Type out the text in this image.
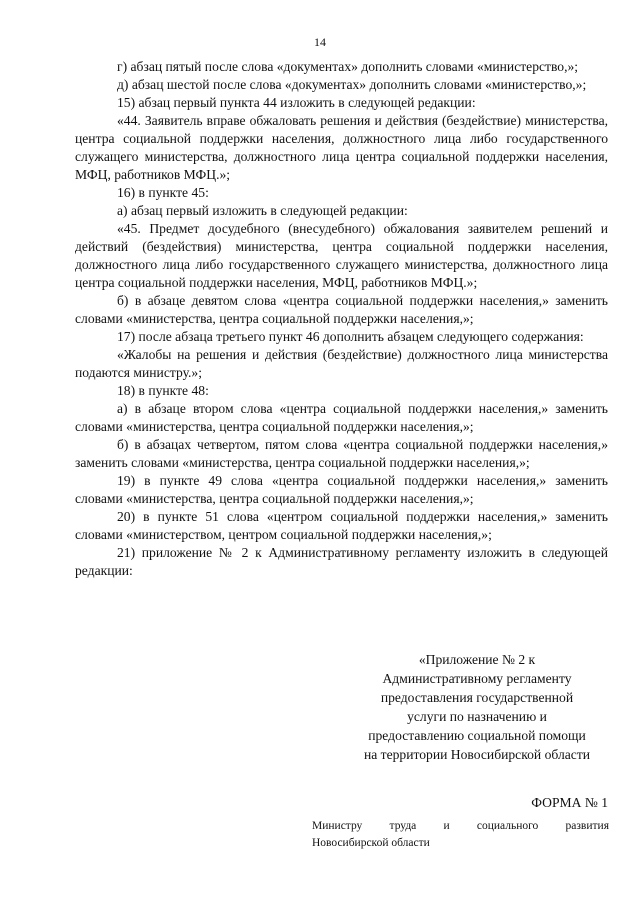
14

г) абзац пятый после слова «документах» дополнить словами «министерство,»;

д) абзац шестой после слова «документах» дополнить словами «министерство,»;

15) абзац первый пункта 44 изложить в следующей редакции:

«44. Заявитель вправе обжаловать решения и действия (бездействие) министерства, центра социальной поддержки населения, должностного лица либо государственного служащего министерства, должностного лица центра социальной поддержки населения, МФЦ, работников МФЦ.»;

16) в пункте 45:

а) абзац первый изложить в следующей редакции:

«45. Предмет досудебного (внесудебного) обжалования заявителем решений и действий (бездействия) министерства, центра социальной поддержки населения, должностного лица либо государственного служащего министерства, должностного лица центра социальной поддержки населения, МФЦ, работников МФЦ.»;

б) в абзаце девятом слова «центра социальной поддержки населения,» заменить словами «министерства, центра социальной поддержки населения,»;

17) после абзаца третьего пункт 46 дополнить абзацем следующего содержания:

«Жалобы на решения и действия (бездействие) должностного лица министерства подаются министру.»;

18) в пункте 48:

а) в абзаце втором слова «центра социальной поддержки населения,» заменить словами «министерства, центра социальной поддержки населения,»;

б) в абзацах четвертом, пятом слова «центра социальной поддержки населения,» заменить словами «министерства, центра социальной поддержки населения,»;

19) в пункте 49 слова «центра социальной поддержки населения,» заменить словами «министерства, центра социальной поддержки населения,»;

20) в пункте 51 слова «центром социальной поддержки населения,» заменить словами «министерством, центром социальной поддержки населения,»;

21) приложение № 2 к Административному регламенту изложить в следующей редакции:

«Приложение № 2 к
Административному регламенту
предоставления государственной
услуги по назначению и
предоставлению социальной помощи
на территории Новосибирской области
ФОРМА № 1
Министру труда и социального развития
Новосибирской области
